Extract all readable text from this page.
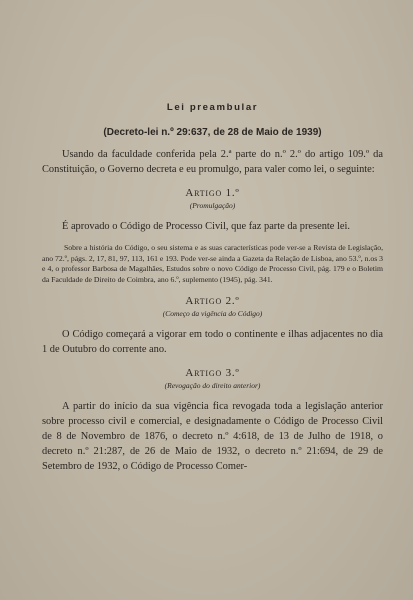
Lei preambular

(Decreto-lei n.º 29:637, de 28 de Maio de 1939)

Usando da faculdade conferida pela 2.ª parte do n.º 2.º do artigo 109.º da Constituição, o Governo decreta e eu promulgo, para valer como lei, o seguinte:

Artigo 1.º

(Promulgação)

É aprovado o Código de Processo Civil, que faz parte da presente lei.

Sobre a história do Código, o seu sistema e as suas características pode ver-se a Revista de Legislação, ano 72.º, págs. 2, 17, 81, 97, 113, 161 e 193. Pode ver-se ainda a Gazeta da Relação de Lisboa, ano 53.º, n.os 3 e 4, o professor Barbosa de Magalhães, Estudos sobre o novo Código de Processo Civil, pág. 179 e o Boletim da Faculdade de Direito de Coimbra, ano 6.º, suplemento (1945), pág. 341.

Artigo 2.º

(Começo da vigência do Código)

O Código começará a vigorar em todo o continente e ilhas adjacentes no dia 1 de Outubro do corrente ano.

Artigo 3.º

(Revogação do direito anterior)

A partir do início da sua vigência fica revogada toda a legislação anterior sobre processo civil e comercial, e designadamente o Código de Processo Civil de 8 de Novembro de 1876, o decreto n.º 4:618, de 13 de Julho de 1918, o decreto n.º 21:287, de 26 de Maio de 1932, o decreto n.º 21:694, de 29 de Setembro de 1932, o Código de Processo Comer-
